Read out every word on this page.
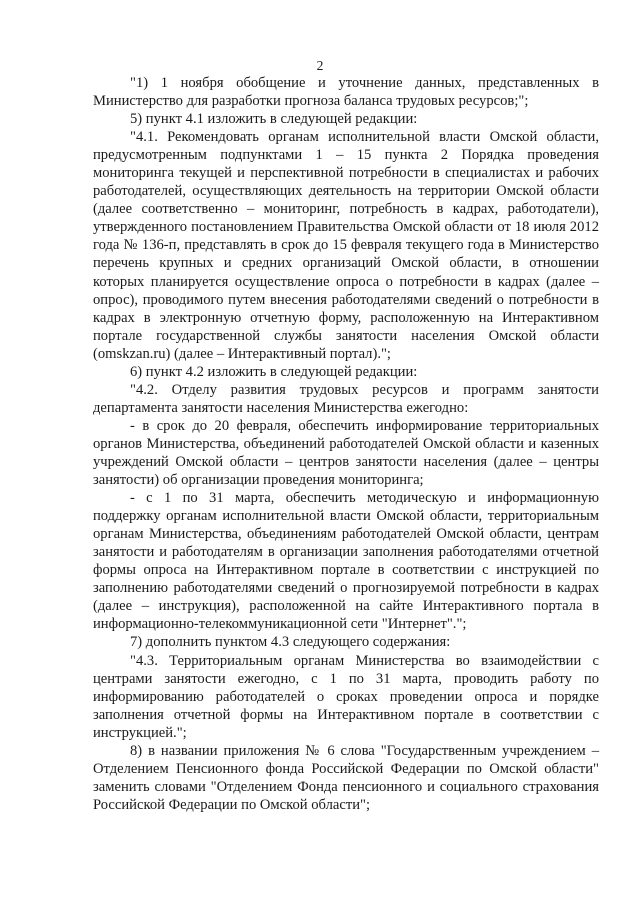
2

"1) 1 ноября обобщение и уточнение данных, представленных в Министерство для разработки прогноза баланса трудовых ресурсов;";

5) пункт 4.1 изложить в следующей редакции:

"4.1. Рекомендовать органам исполнительной власти Омской области, предусмотренным подпунктами 1 – 15 пункта 2 Порядка проведения мониторинга текущей и перспективной потребности в специалистах и рабочих работодателей, осуществляющих деятельность на территории Омской области (далее соответственно – мониторинг, потребность в кадрах, работодатели), утвержденного постановлением Правительства Омской области от 18 июля 2012 года № 136-п, представлять в срок до 15 февраля текущего года в Министерство перечень крупных и средних организаций Омской области, в отношении которых планируется осуществление опроса о потребности в кадрах (далее – опрос), проводимого путем внесения работодателями сведений о потребности в кадрах в электронную отчетную форму, расположенную на Интерактивном портале государственной службы занятости населения Омской области (omskzan.ru) (далее – Интерактивный портал).";

6) пункт 4.2 изложить в следующей редакции:

"4.2. Отделу развития трудовых ресурсов и программ занятости департамента занятости населения Министерства ежегодно:

- в срок до 20 февраля, обеспечить информирование территориальных органов Министерства, объединений работодателей Омской области и казенных учреждений Омской области – центров занятости населения (далее – центры занятости) об организации проведения мониторинга;

- с 1 по 31 марта, обеспечить методическую и информационную поддержку органам исполнительной власти Омской области, территориальным органам Министерства, объединениям работодателей Омской области, центрам занятости и работодателям в организации заполнения работодателями отчетной формы опроса на Интерактивном портале в соответствии с инструкцией по заполнению работодателями сведений о прогнозируемой потребности в кадрах (далее – инструкция), расположенной на сайте Интерактивного портала в информационно-телекоммуникационной сети "Интернет".";

7) дополнить пунктом 4.3 следующего содержания:

"4.3. Территориальным органам Министерства во взаимодействии с центрами занятости ежегодно, с 1 по 31 марта, проводить работу по информированию работодателей о сроках проведении опроса и порядке заполнения отчетной формы на Интерактивном портале в соответствии с инструкцией.";

8) в названии приложения № 6 слова "Государственным учреждением – Отделением Пенсионного фонда Российской Федерации по Омской области" заменить словами "Отделением Фонда пенсионного и социального страхования Российской Федерации по Омской области";
